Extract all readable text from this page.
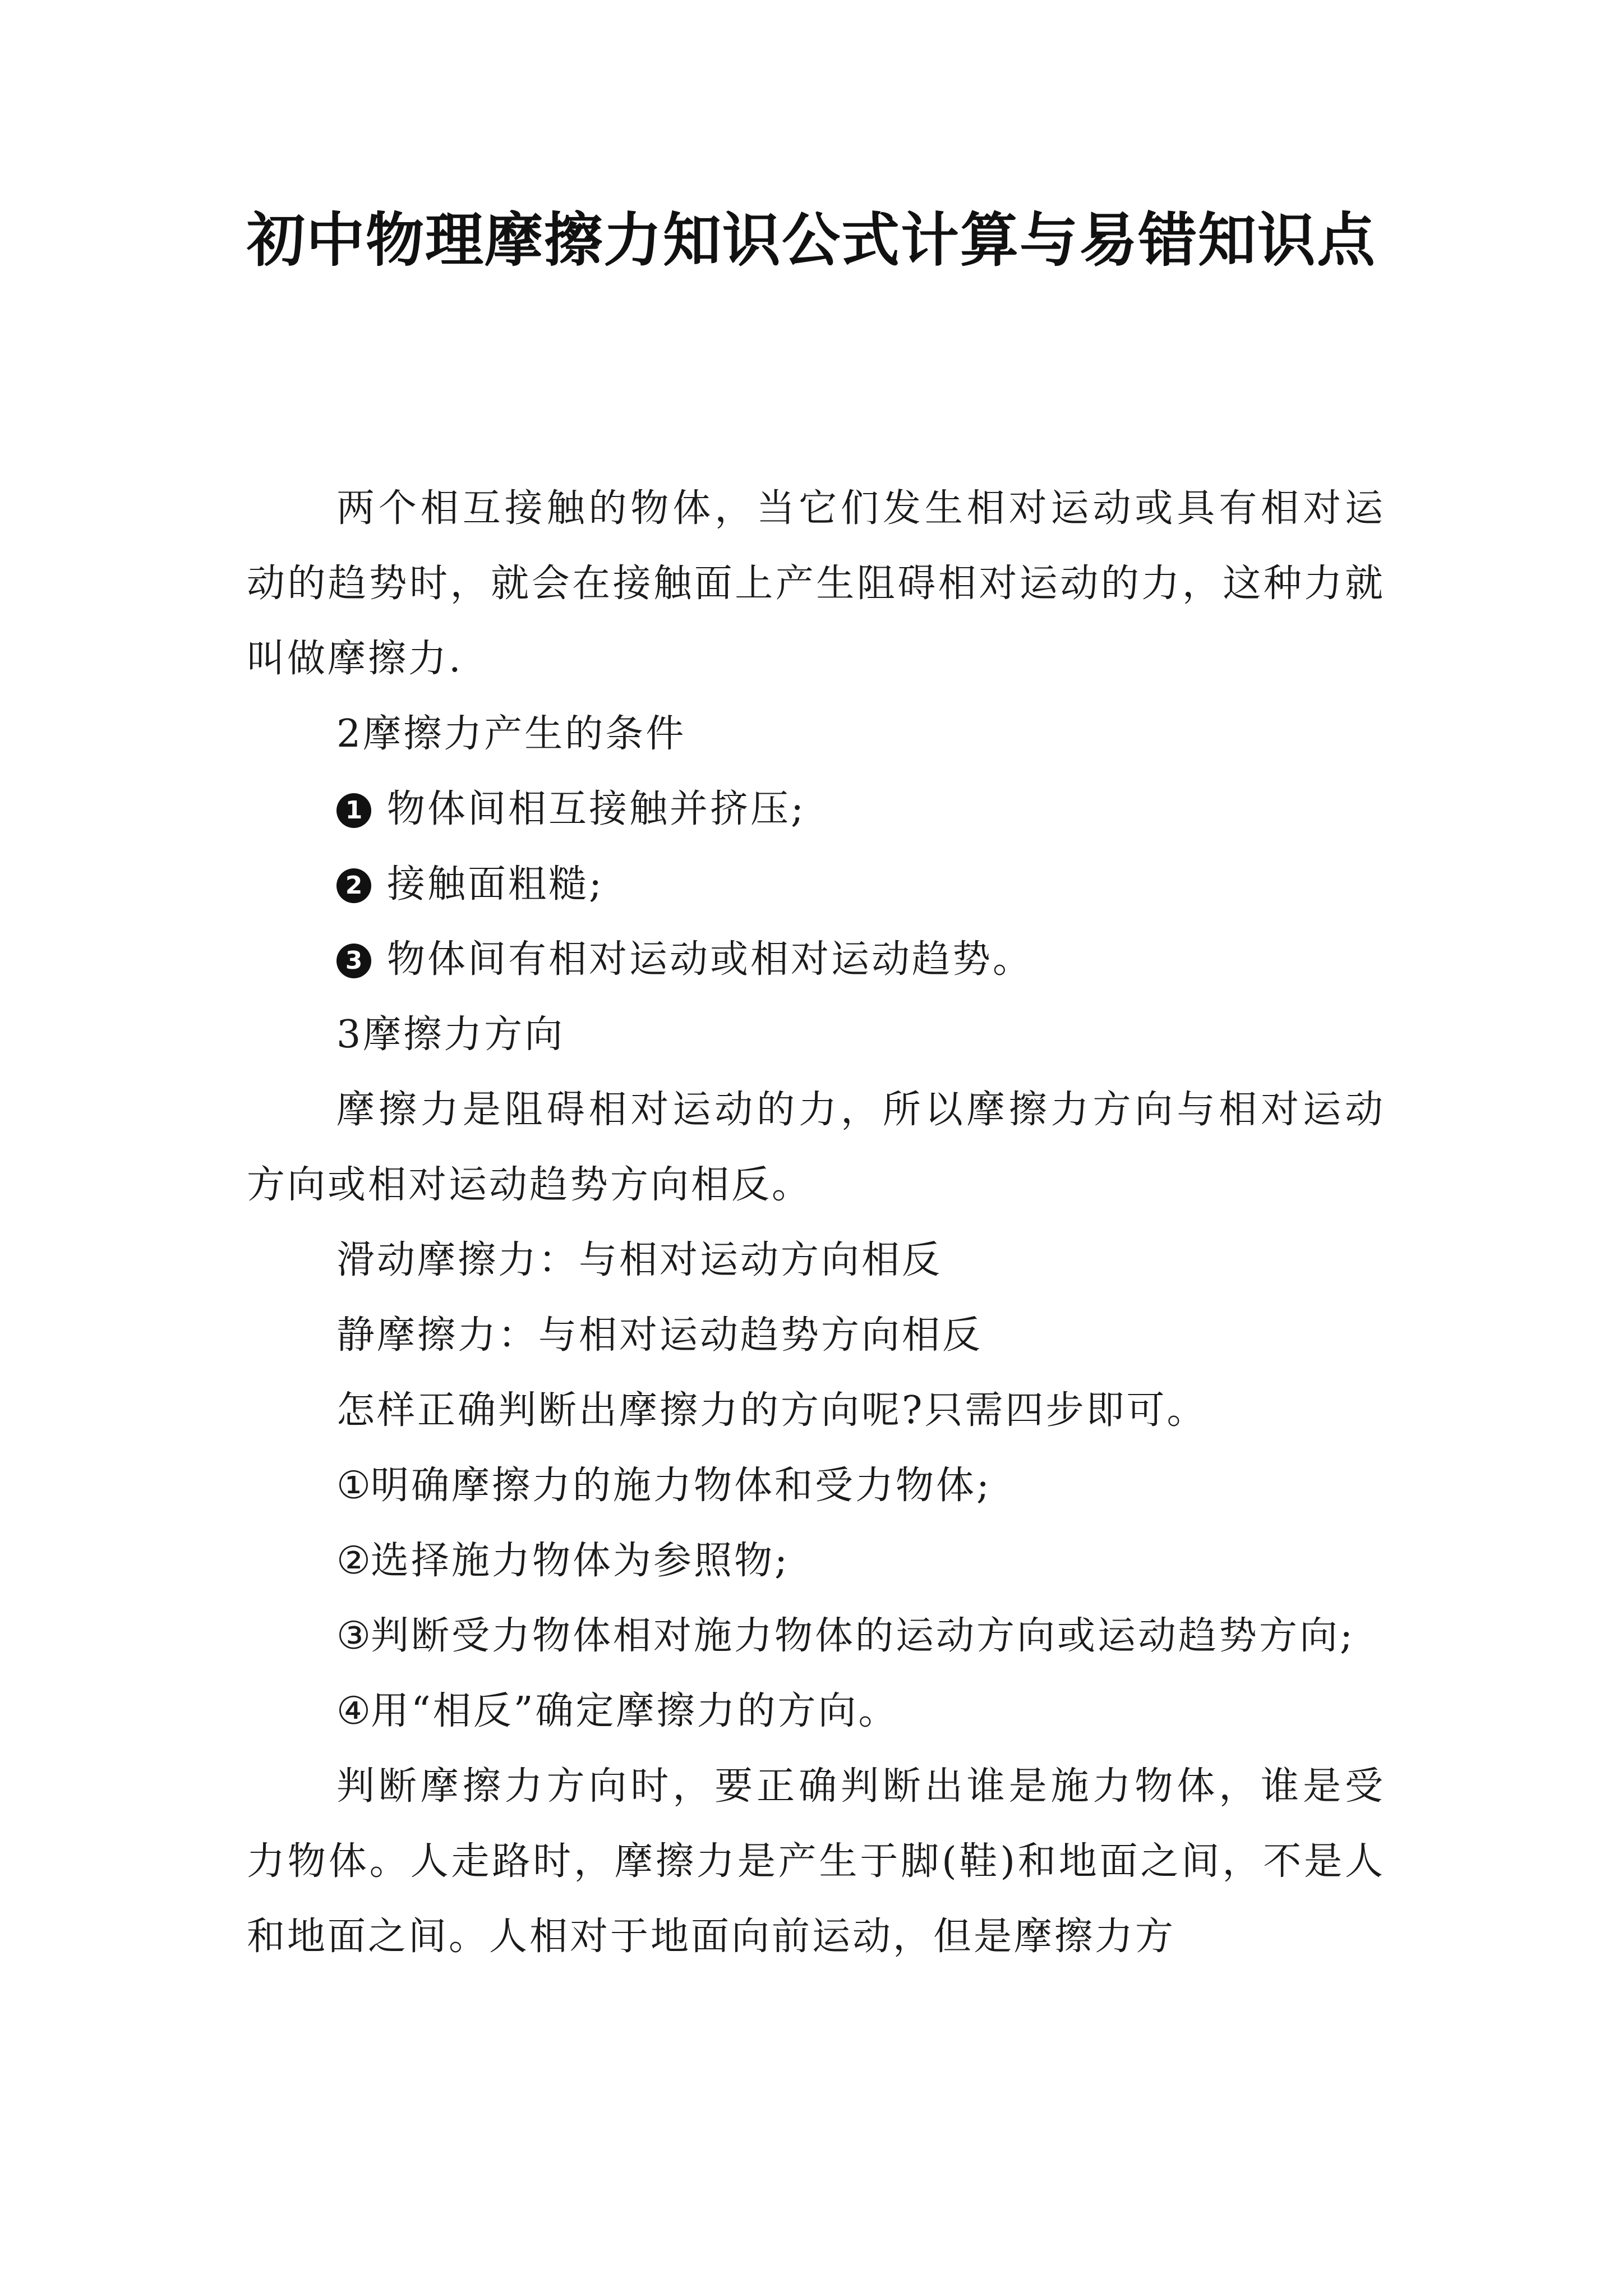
初中物理摩擦力知识公式计算与易错知识点

两个相互接触的物体，当它们发生相对运动或具有相对运动的趋势时，就会在接触面上产生阻碍相对运动的力，这种力就叫做摩擦力.

2摩擦力产生的条件

1 物体间相互接触并挤压;

2 接触面粗糙;

3 物体间有相对运动或相对运动趋势。

3摩擦力方向

摩擦力是阻碍相对运动的力，所以摩擦力方向与相对运动方向或相对运动趋势方向相反。

滑动摩擦力：与相对运动方向相反

静摩擦力：与相对运动趋势方向相反

怎样正确判断出摩擦力的方向呢?只需四步即可。

①明确摩擦力的施力物体和受力物体;

②选择施力物体为参照物;

③判断受力物体相对施力物体的运动方向或运动趋势方向;

④用“相反”确定摩擦力的方向。

判断摩擦力方向时，要正确判断出谁是施力物体，谁是受力物体。人走路时，摩擦力是产生于脚(鞋)和地面之间，不是人和地面之间。人相对于地面向前运动，但是摩擦力方
